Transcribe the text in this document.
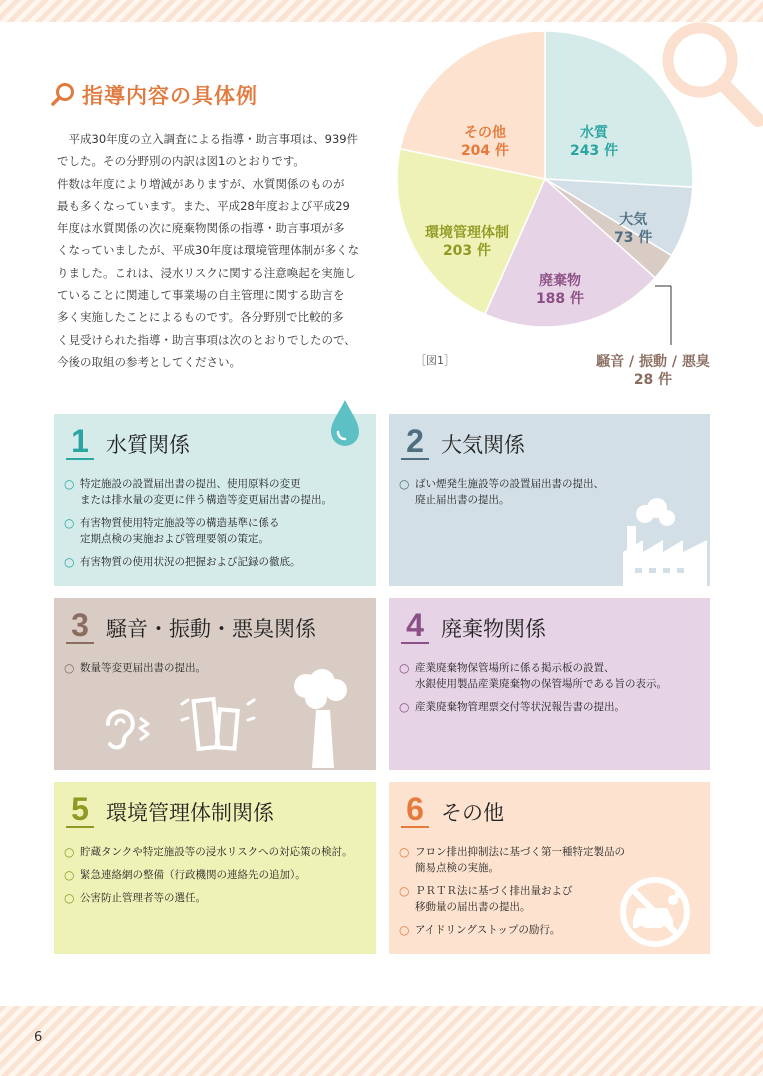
指導内容の具体例

平成30年度の立入調査による指導・助言事項は、939件

でした。その分野別の内訳は図1のとおりです。

件数は年度により増減がありますが、水質関係のものが

最も多くなっています。また、平成28年度および平成29

年度は水質関係の次に廃棄物関係の指導・助言事項が多

くなっていましたが、平成30年度は環境管理体制が多くな

りました。これは、浸水リスクに関する注意喚起を実施し

ていることに関連して事業場の自主管理に関する助言を

多く実施したことによるものです。各分野別で比較的多

く見受けられた指導・助言事項は次のとおりでしたので、

今後の取組の参考としてください。

水質
243 件
大気
73 件
騒音 / 振動 / 悪臭
28 件
廃棄物
188 件
環境管理体制
203 件
その他
204 件
［図1］
1 水質関係
○ 特定施設の設置届出書の提出、使用原料の変更
または排水量の変更に伴う構造等変更届出書の提出。
○ 有害物質使用特定施設等の構造基準に係る
定期点検の実施および管理要領の策定。
○ 有害物質の使用状況の把握および記録の徹底。
2 大気関係
○ ばい煙発生施設等の設置届出書の提出、
廃止届出書の提出。
3 騒音・振動・悪臭関係
○ 数量等変更届出書の提出。
4 廃棄物関係
○ 産業廃棄物保管場所に係る掲示板の設置、
水銀使用製品産業廃棄物の保管場所である旨の表示。
○ 産業廃棄物管理票交付等状況報告書の提出。
5 環境管理体制関係
○ 貯蔵タンクや特定施設等の浸水リスクへの対応策の検討。
○ 緊急連絡網の整備（行政機関の連絡先の追加）。
○ 公害防止管理者等の選任。
6 その他
○ フロン排出抑制法に基づく第一種特定製品の
簡易点検の実施。
○ ＰＲＴＲ法に基づく排出量および
移動量の届出書の提出。
○ アイドリングストップの励行。
6
